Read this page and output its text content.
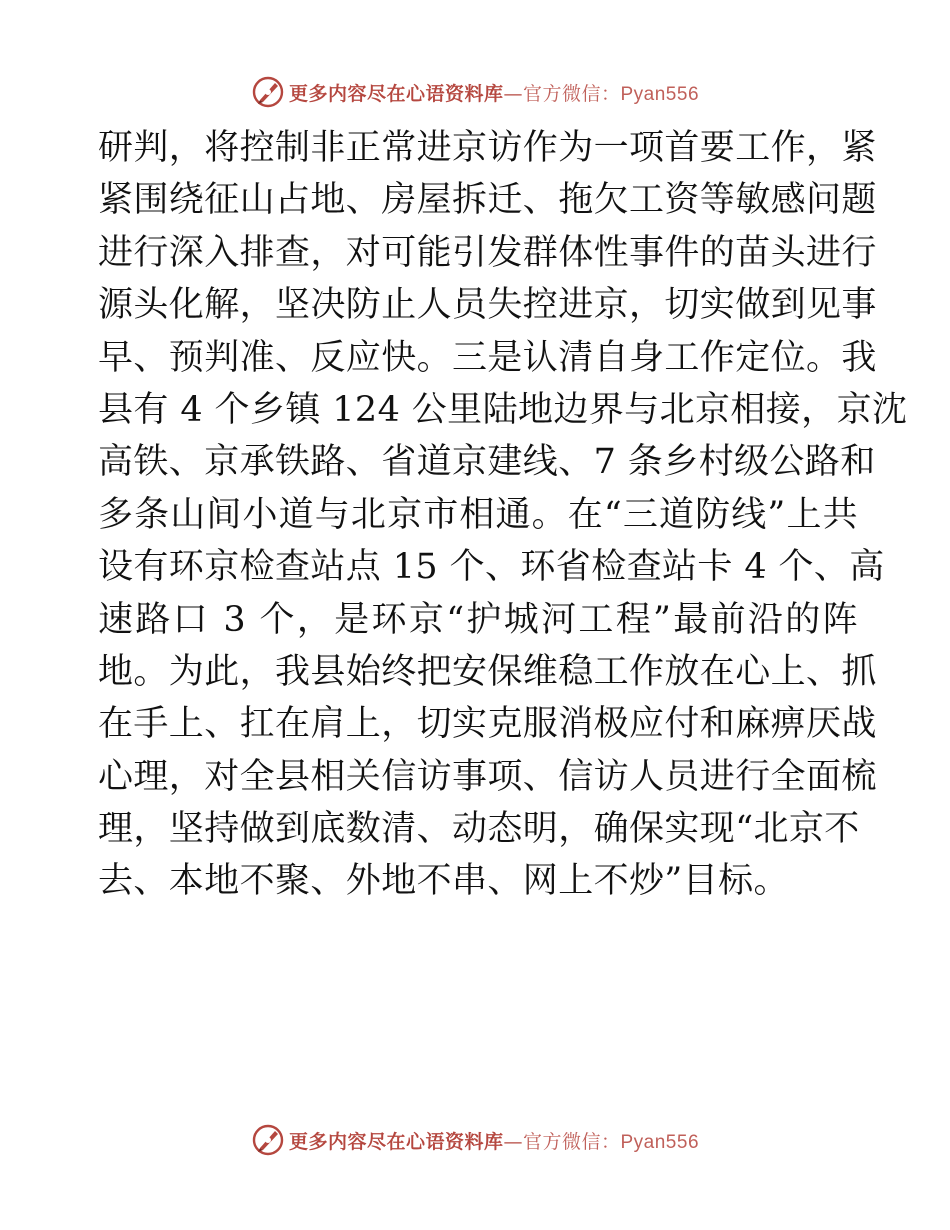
更多内容尽在心语资料库—官方微信：Pyan556
研判，将控制非正常进京访作为一项首要工作，紧
紧围绕征山占地、房屋拆迁、拖欠工资等敏感问题
进行深入排查，对可能引发群体性事件的苗头进行
源头化解，坚决防止人员失控进京，切实做到见事
早、预判准、反应快。三是认清自身工作定位。我
县有 4 个乡镇 124 公里陆地边界与北京相接，京沈
高铁、京承铁路、省道京建线、7 条乡村级公路和
多条山间小道与北京市相通。在“三道防线”上共
设有环京检查站点 15 个、环省检查站卡 4 个、高
速路口 3 个，是环京“护城河工程”最前沿的阵
地。为此，我县始终把安保维稳工作放在心上、抓
在手上、扛在肩上，切实克服消极应付和麻痹厌战
心理，对全县相关信访事项、信访人员进行全面梳
理，坚持做到底数清、动态明，确保实现“北京不
去、本地不聚、外地不串、网上不炒”目标。
更多内容尽在心语资料库—官方微信：Pyan556
